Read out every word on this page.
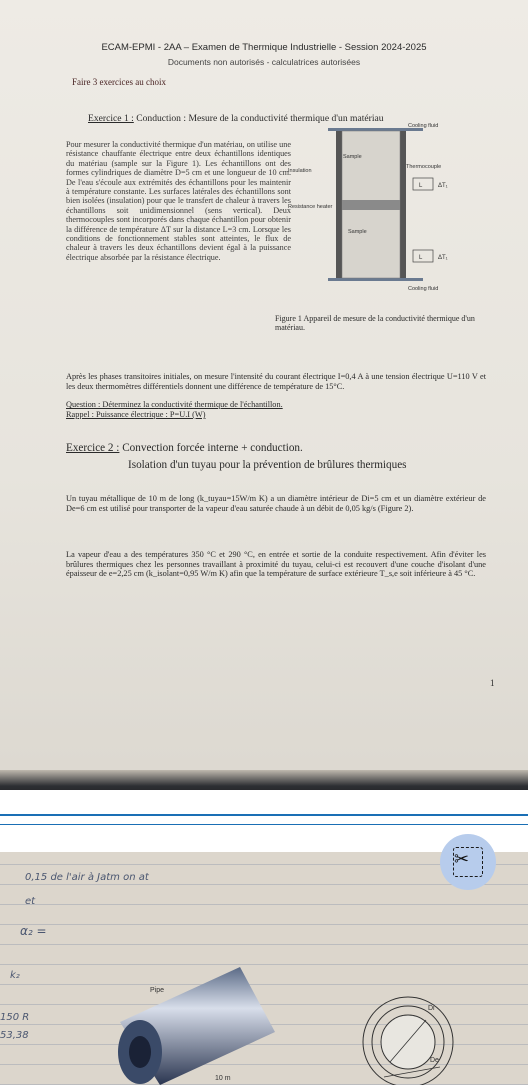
ECAM-EPMI - 2AA – Examen de Thermique Industrielle - Session 2024-2025
Documents non autorisés - calculatrices autorisées
Faire 3 exercices au choix
Exercice 1 : Conduction : Mesure de la conductivité thermique d'un matériau
Pour mesurer la conductivité thermique d'un matériau, on utilise une résistance chauffante électrique entre deux échantillons identiques du matériau (sample sur la Figure 1). Les échantillons ont des formes cylindriques de diamètre D=5 cm et une longueur de 10 cm. De l'eau s'écoule aux extrémités des échantillons pour les maintenir à température constante. Les surfaces latérales des échantillons sont bien isolées (insulation) pour que le transfert de chaleur à travers les échantillons soit unidimensionnel (sens vertical). Deux thermocouples sont incorporés dans chaque échantillon pour obtenir la différence de température ΔT sur la distance L=3 cm. Lorsque les conditions de fonctionnement stables sont atteintes, le flux de chaleur à travers les deux échantillons devient égal à la puissance électrique absorbée par la résistance électrique.
Cooling fluid
Sample
Insulation
Thermocouple
L	ΔT₁
Resistance heater
Sample
L	ΔT₁
Cooling fluid
Figure 1 Appareil de mesure de la conductivité thermique d'un matériau.
Après les phases transitoires initiales, on mesure l'intensité du courant électrique I=0,4 A à une tension électrique U=110 V et les deux thermomètres différentiels donnent une différence de température de 15°C.
Question : Déterminez la conductivité thermique de l'échantillon.
Rappel : Puissance électrique : P=U.I (W)
Exercice 2 : Convection forcée interne + conduction.
Isolation d'un tuyau pour la prévention de brûlures thermiques
Un tuyau métallique de 10 m de long (k_tuyau=15W/m K) a un diamètre intérieur de Di=5 cm et un diamètre extérieur de De=6 cm est utilisé pour transporter de la vapeur d'eau saturée chaude à un débit de 0,05 kg/s (Figure 2).
La vapeur d'eau a des températures 350 °C et 290 °C, en entrée et sortie de la conduite respectivement. Afin d'éviter les brûlures thermiques chez les personnes travaillant à proximité du tuyau, celui-ci est recouvert d'une couche d'isolant d'une épaisseur de e=2,25 cm (k_isolant=0,95 W/m K) afin que la température de surface extérieure T_s,e soit inférieure à 45 °C.
1
0,15 de l'air à Jatm on at
et
α₂ =
k₂
150 R
53,38
Pipe
10 m
Di
De
✂
